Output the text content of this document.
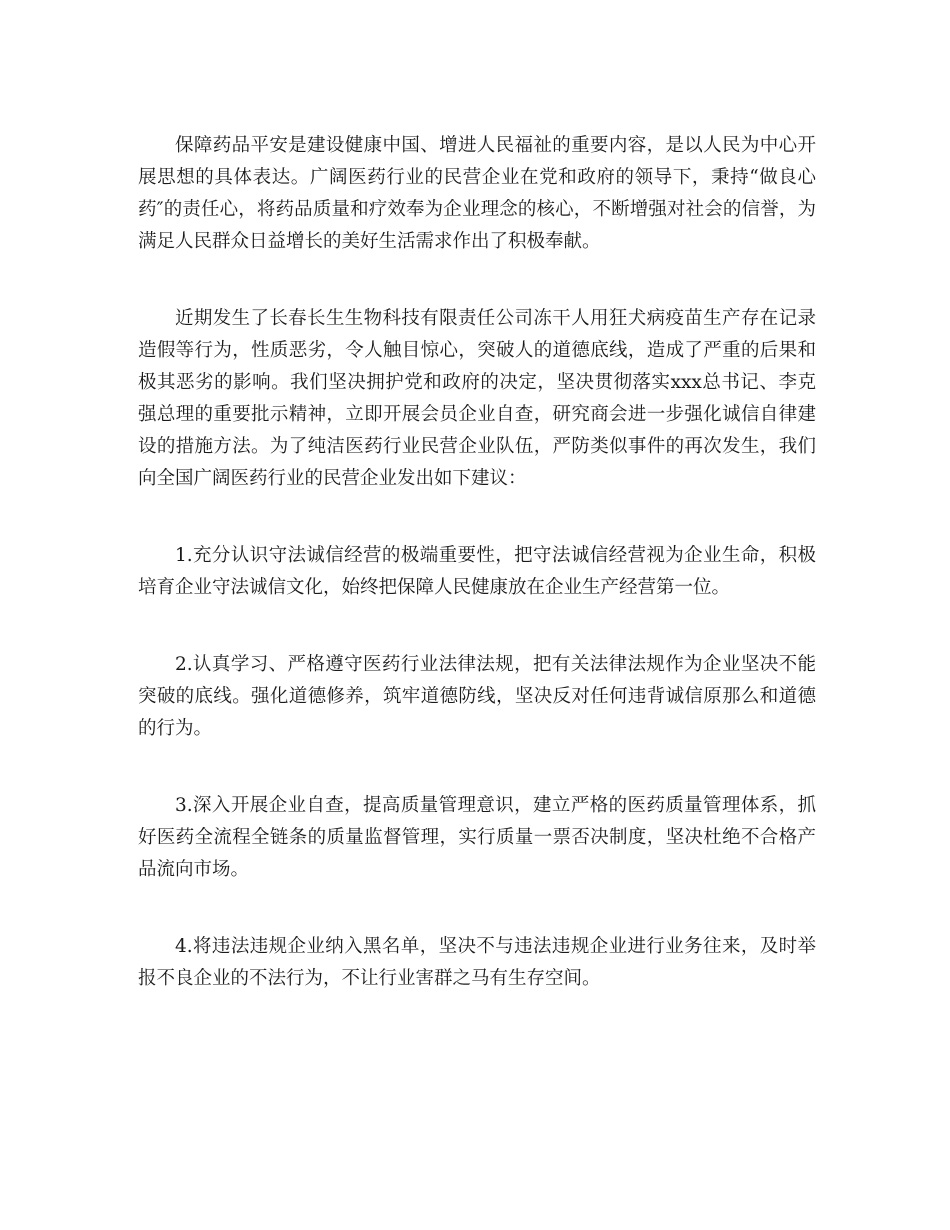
保障药品平安是建设健康中国、增进人民福祉的重要内容，是以人民为中心开展思想的具体表达。广阔医药行业的民营企业在党和政府的领导下，秉持“做良心药″的责任心，将药品质量和疗效奉为企业理念的核心，不断增强对社会的信誉，为满足人民群众日益增长的美好生活需求作出了积极奉献。

近期发生了长春长生生物科技有限责任公司冻干人用狂犬病疫苗生产存在记录造假等行为，性质恶劣，令人触目惊心，突破人的道德底线，造成了严重的后果和极其恶劣的影响。我们坚决拥护党和政府的决定，坚决贯彻落实xxx总书记、李克强总理的重要批示精神，立即开展会员企业自查，研究商会进一步强化诚信自律建设的措施方法。为了纯洁医药行业民营企业队伍，严防类似事件的再次发生，我们向全国广阔医药行业的民营企业发出如下建议：

1.充分认识守法诚信经营的极端重要性，把守法诚信经营视为企业生命，积极培育企业守法诚信文化，始终把保障人民健康放在企业生产经营第一位。

2.认真学习、严格遵守医药行业法律法规，把有关法律法规作为企业坚决不能突破的底线。强化道德修养，筑牢道德防线，坚决反对任何违背诚信原那么和道德的行为。

3.深入开展企业自查，提高质量管理意识，建立严格的医药质量管理体系，抓好医药全流程全链条的质量监督管理，实行质量一票否决制度，坚决杜绝不合格产品流向市场。

4.将违法违规企业纳入黑名单，坚决不与违法违规企业进行业务往来，及时举报不良企业的不法行为，不让行业害群之马有生存空间。
